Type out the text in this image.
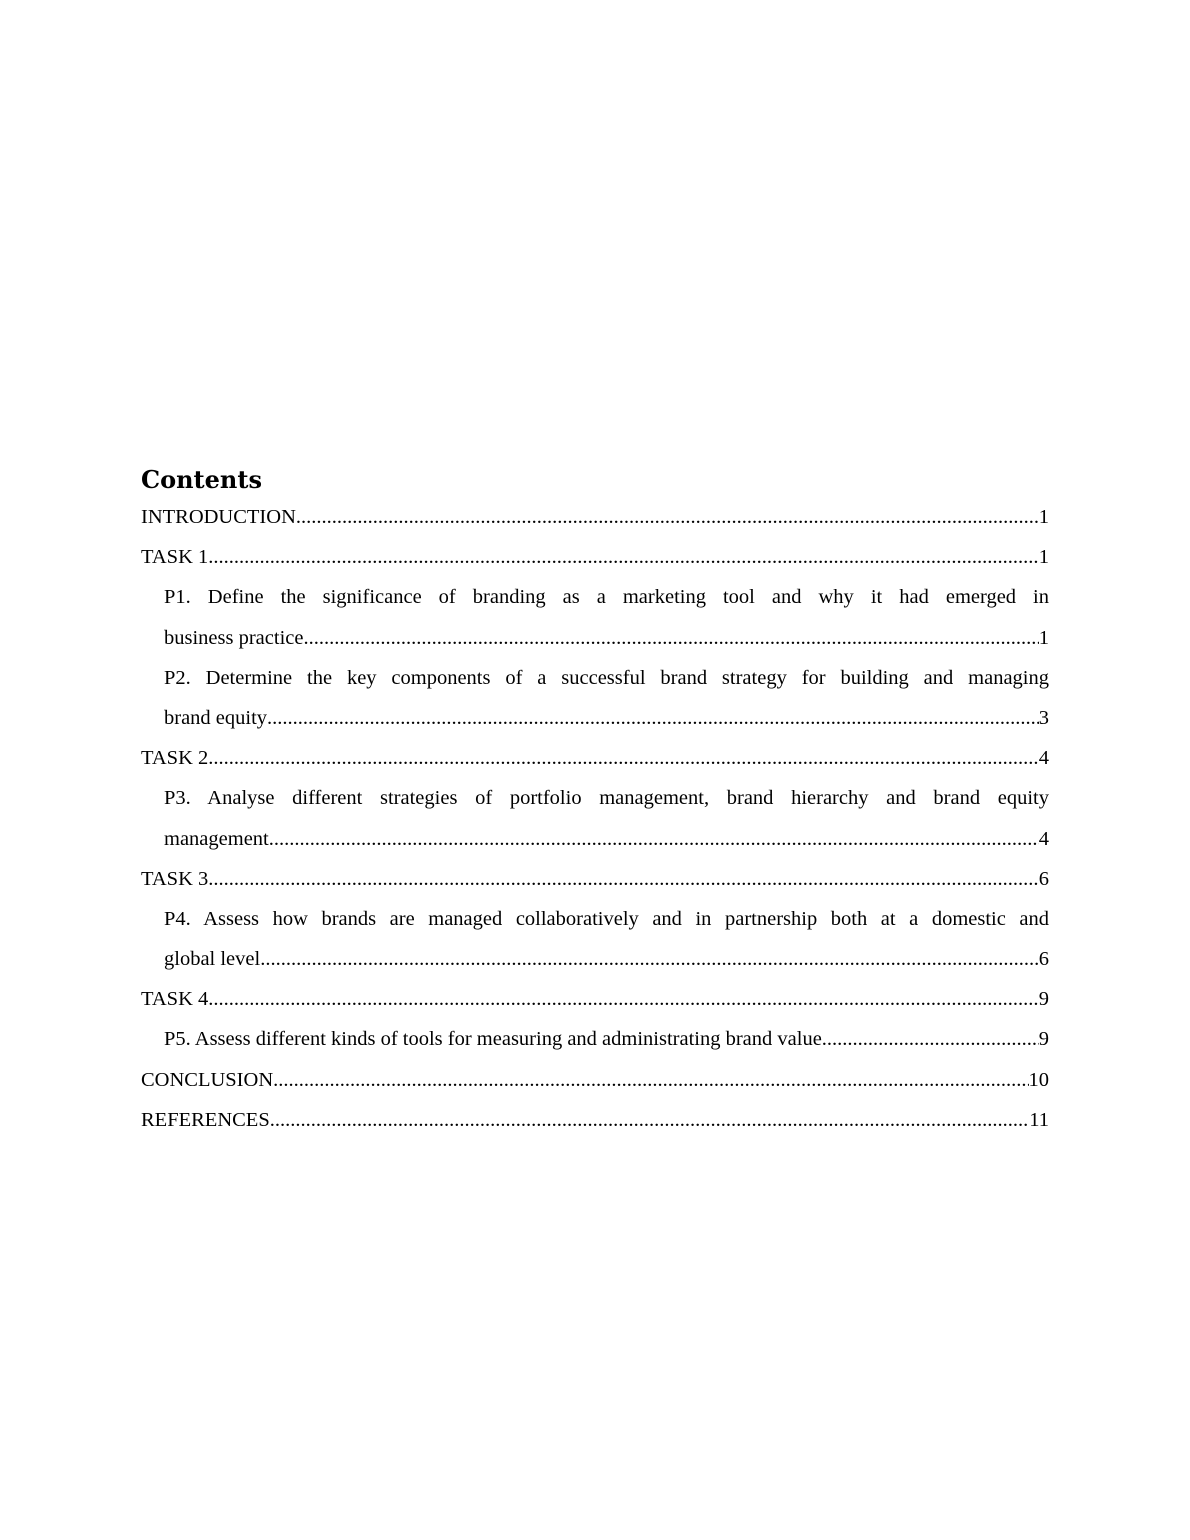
Contents
INTRODUCTION .....	1
TASK 1 .....	1
P1. Define the significance of branding as a marketing tool and why it had emerged in
business practice .....	1
P2. Determine the key components of a successful brand strategy for building and managing
brand equity .....	3
TASK 2 .....	4
P3. Analyse different strategies of portfolio management, brand hierarchy and brand equity
management .....	4
TASK 3 .....	6
P4. Assess how brands are managed collaboratively and in partnership both at a domestic and
global level .....	6
TASK 4 .....	9
P5. Assess different kinds of tools for measuring and administrating brand value .....	9
CONCLUSION .....	10
REFERENCES .....	11
